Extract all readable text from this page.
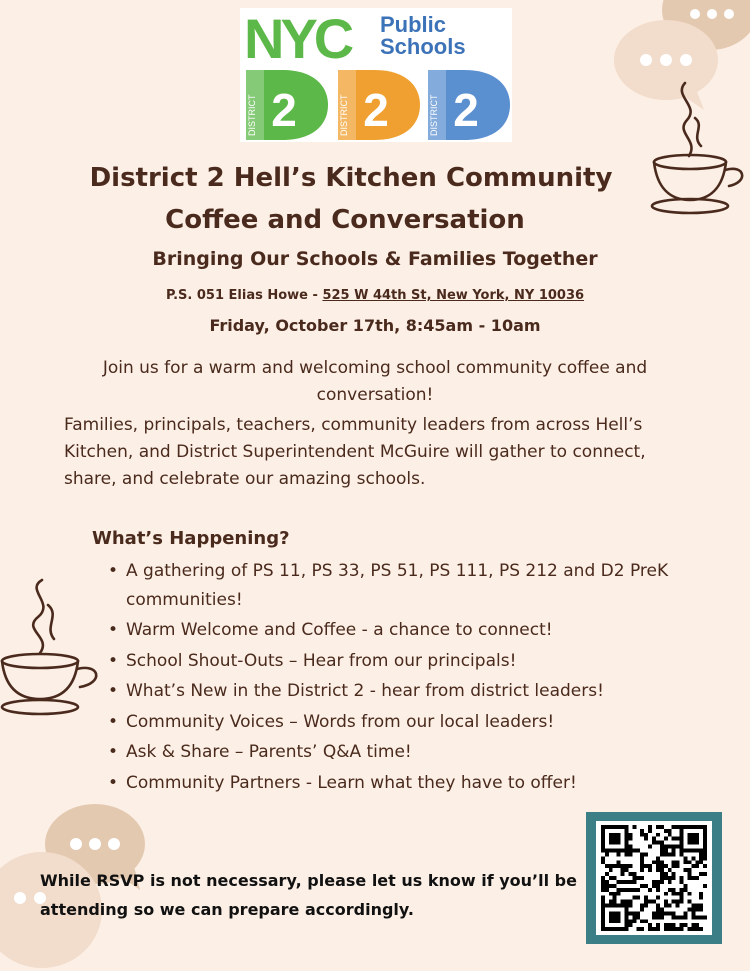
NYC Public
Schools
DISTRICT 2	DISTRICT 2	DISTRICT 2
District 2 Hell’s Kitchen Community
Coffee and Conversation
Bringing Our Schools & Families Together
P.S. 051 Elias Howe - 525 W 44th St, New York, NY 10036
Friday, October 17th, 8:45am - 10am
Join us for a warm and welcoming school community coffee and conversation!
Families, principals, teachers, community leaders from across Hell’s Kitchen, and District Superintendent McGuire will gather to connect, share, and celebrate our amazing schools.
What’s Happening?
• A gathering of PS 11, PS 33, PS 51, PS 111, PS 212 and D2 PreK communities!
• Warm Welcome and Coffee - a chance to connect!
• School Shout-Outs – Hear from our principals!
• What’s New in the District 2 - hear from district leaders!
• Community Voices – Words from our local leaders!
• Ask & Share – Parents’ Q&A time!
• Community Partners - Learn what they have to offer!
While RSVP is not necessary, please let us know if you’ll be attending so we can prepare accordingly.
